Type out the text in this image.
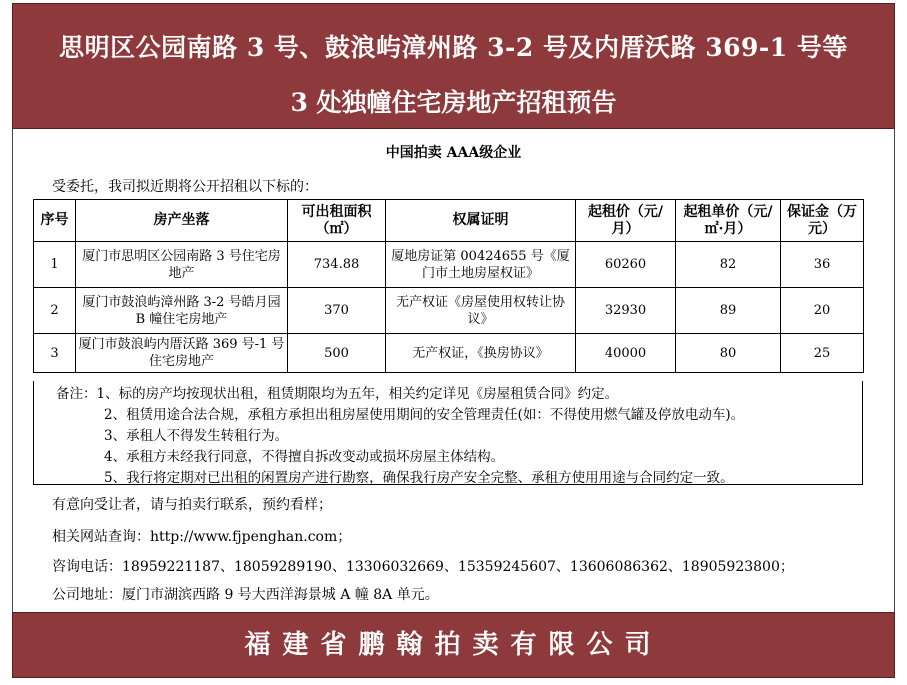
思明区公园南路 3 号、鼓浪屿漳州路 3-2 号及内厝沃路 369-1 号等
3 处独幢住宅房地产招租预告
中国拍卖 AAA级企业
受委托，我司拟近期将公开招租以下标的：
序号	房产坐落	可出租面积（㎡）	权属证明	起租价（元/月）	起租单价（元/㎡·月）	保证金（万元）
1	厦门市思明区公园南路 3 号住宅房地产	734.88	厦地房证第 00424655 号《厦门市土地房屋权证》	60260	82	36
2	厦门市鼓浪屿漳州路 3-2 号皓月园 B 幢住宅房地产	370	无产权证《房屋使用权转让协议》	32930	89	20
3	厦门市鼓浪屿内厝沃路 369 号-1 号住宅房地产	500	无产权证，《换房协议》	40000	80	25
备注：1、标的房产均按现状出租，租赁期限均为五年，相关约定详见《房屋租赁合同》约定。
2、租赁用途合法合规，承租方承担出租房屋使用期间的安全管理责任(如：不得使用燃气罐及停放电动车)。
3、承租人不得发生转租行为。
4、承租方未经我行同意，不得擅自拆改变动或损坏房屋主体结构。
5、我行将定期对已出租的闲置房产进行勘察，确保我行房产安全完整、承租方使用用途与合同约定一致。
有意向受让者，请与拍卖行联系，预约看样；
相关网站查询：http://www.fjpenghan.com；
咨询电话：18959221187、18059289190、13306032669、15359245607、13606086362、18905923800；
公司地址：厦门市湖滨西路 9 号大西洋海景城 A 幢 8A 单元。
福建省鹏翰拍卖有限公司
